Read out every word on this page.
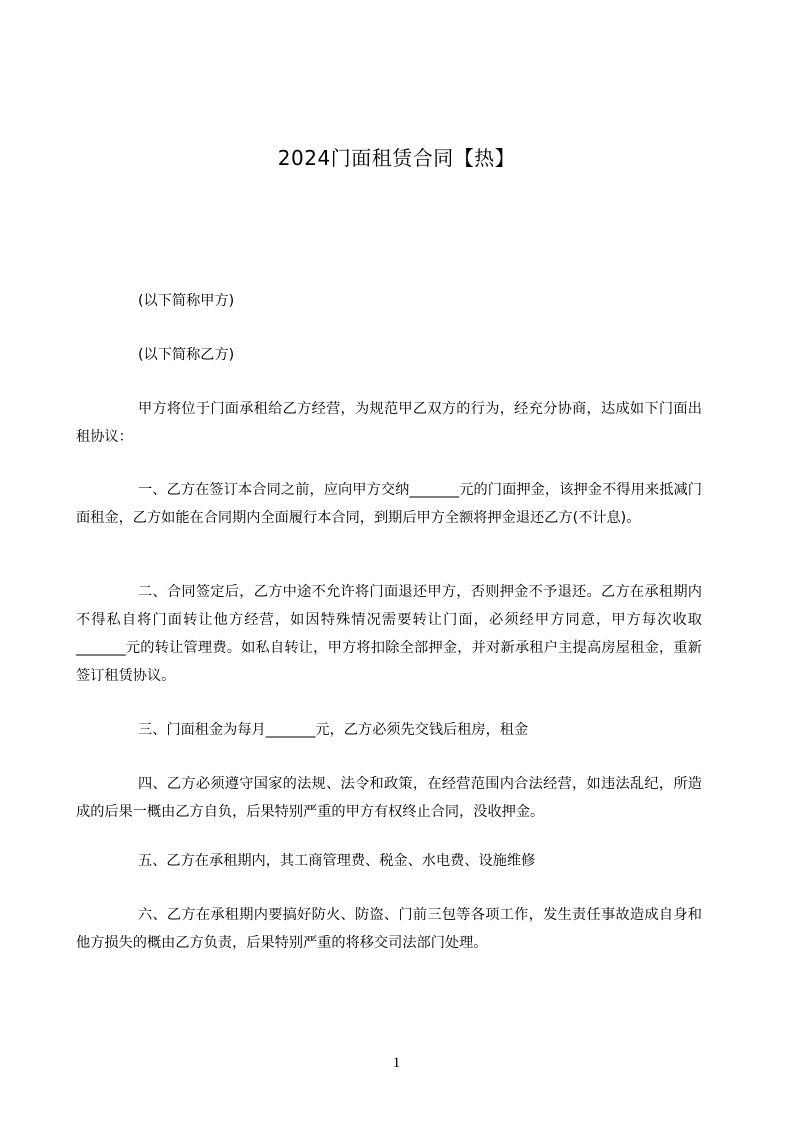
2024门面租赁合同【热】

(以下简称甲方)

(以下简称乙方)

甲方将位于门面承租给乙方经营，为规范甲乙双方的行为，经充分协商，达成如下门面出租协议：

一、乙方在签订本合同之前，应向甲方交纳_______元的门面押金，该押金不得用来抵减门面租金，乙方如能在合同期内全面履行本合同，到期后甲方全额将押金退还乙方(不计息)。

二、合同签定后，乙方中途不允许将门面退还甲方，否则押金不予退还。乙方在承租期内不得私自将门面转让他方经营，如因特殊情况需要转让门面，必须经甲方同意，甲方每次收取_______元的转让管理费。如私自转让，甲方将扣除全部押金，并对新承租户主提高房屋租金，重新签订租赁协议。

三、门面租金为每月_______元，乙方必须先交钱后租房，租金

四、乙方必须遵守国家的法规、法令和政策，在经营范围内合法经营，如违法乱纪，所造成的后果一概由乙方自负，后果特别严重的甲方有权终止合同，没收押金。

五、乙方在承租期内，其工商管理费、税金、水电费、设施维修

六、乙方在承租期内要搞好防火、防盗、门前三包等各项工作，发生责任事故造成自身和他方损失的概由乙方负责，后果特别严重的将移交司法部门处理。

1
